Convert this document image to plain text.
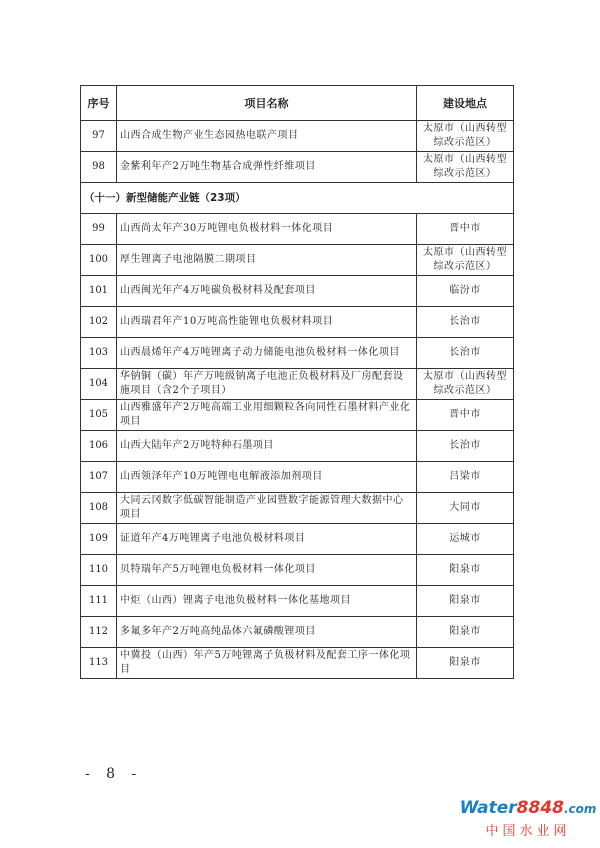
序号	项目名称	建设地点
97	山西合成生物产业生态园热电联产项目	太原市（山西转型综改示范区）
98	金紫利年产2万吨生物基合成弹性纤维项目	太原市（山西转型综改示范区）
（十一）新型储能产业链（23项）		
99	山西尚太年产30万吨锂电负极材料一体化项目	晋中市
100	厚生锂离子电池隔膜二期项目	太原市（山西转型综改示范区）
101	山西闽光年产4万吨碳负极材料及配套项目	临汾市
102	山西瑞君年产10万吨高性能锂电负极材料项目	长治市
103	山西晨烯年产4万吨锂离子动力储能电池负极材料一体化项目	长治市
104	华钠铜（碳）年产万吨级钠离子电池正负极材料及厂房配套设施项目（含2个子项目）	太原市（山西转型综改示范区）
105	山西雅盛年产2万吨高端工业用细颗粒各向同性石墨材料产业化项目	晋中市
106	山西大陆年产2万吨特种石墨项目	长治市
107	山西领泽年产10万吨锂电电解液添加剂项目	吕梁市
108	大同云冈数字低碳智能制造产业园暨数字能源管理大数据中心项目	大同市
109	证道年产4万吨锂离子电池负极材料项目	运城市
110	贝特瑞年产5万吨锂电负极材料一体化项目	阳泉市
111	中炬（山西）锂离子电池负极材料一体化基地项目	阳泉市
112	多氟多年产2万吨高纯晶体六氟磷酸锂项目	阳泉市
113	中冀投（山西）年产5万吨锂离子负极材料及配套工序一体化项目	阳泉市
- 8 -
Water8848.com
中国水业网
